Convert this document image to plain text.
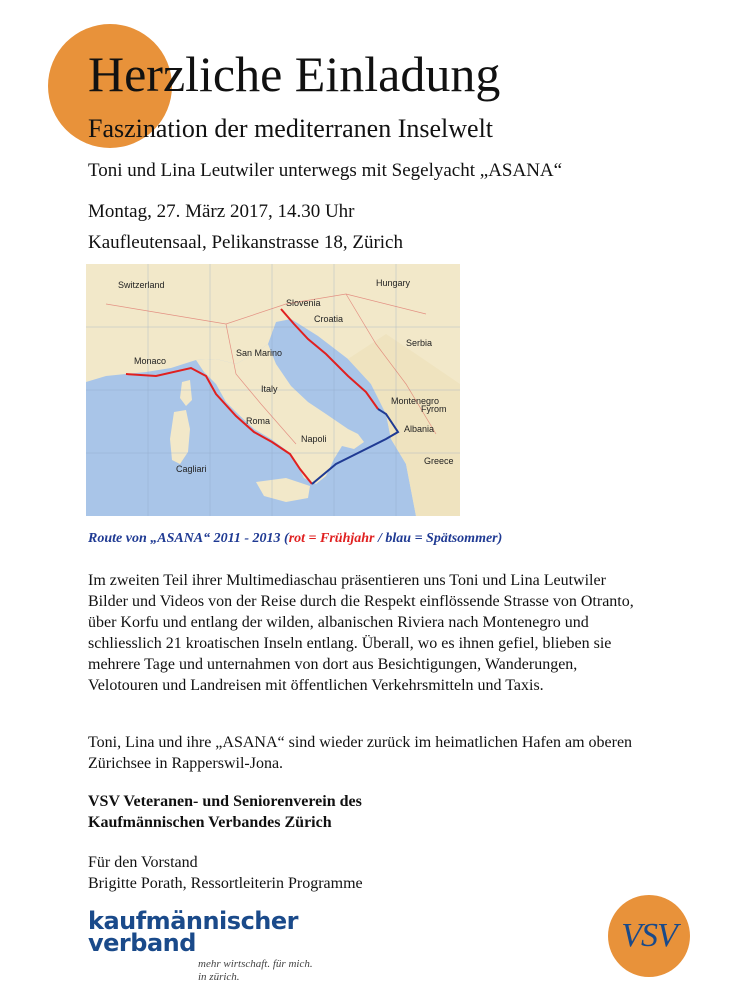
Herzliche Einladung
Faszination der mediterranen Inselwelt
Toni und Lina Leutwiler unterwegs mit Segelyacht „ASANA“
Montag, 27. März 2017, 14.30 Uhr
Kaufleutensaal, Pelikanstrasse 18, Zürich
Switzerland
Slovenia
Croatia
Hungary
Serbia
Monaco
San Marino
Italy
Montenegro
Albania
Greece
Fyrom
Roma
Napoli
Cagliari
Route von „ASANA“ 2011 - 2013 (rot = Frühjahr / blau = Spätsommer)
Im zweiten Teil ihrer Multimediaschau präsentieren uns Toni und Lina Leutwiler Bilder und Videos von der Reise durch die Respekt einflössende Strasse von Otranto, über Korfu und entlang der wilden, albanischen Riviera nach Montenegro und schliesslich 21 kroatischen Inseln entlang. Überall, wo es ihnen gefiel, blieben sie mehrere Tage und unternahmen von dort aus Besichtigungen, Wanderungen, Velotouren und Landreisen mit öffentlichen Verkehrsmitteln und Taxis.
Toni, Lina und ihre „ASANA“ sind wieder zurück im heimatlichen Hafen am oberen Zürichsee in Rapperswil-Jona.
VSV Veteranen- und Seniorenverein des
Kaufmännischen Verbandes Zürich
Für den Vorstand
Brigitte Porath, Ressortleiterin Programme
kaufmännischer
verband
mehr wirtschaft. für mich.
in zürich.
VSV
